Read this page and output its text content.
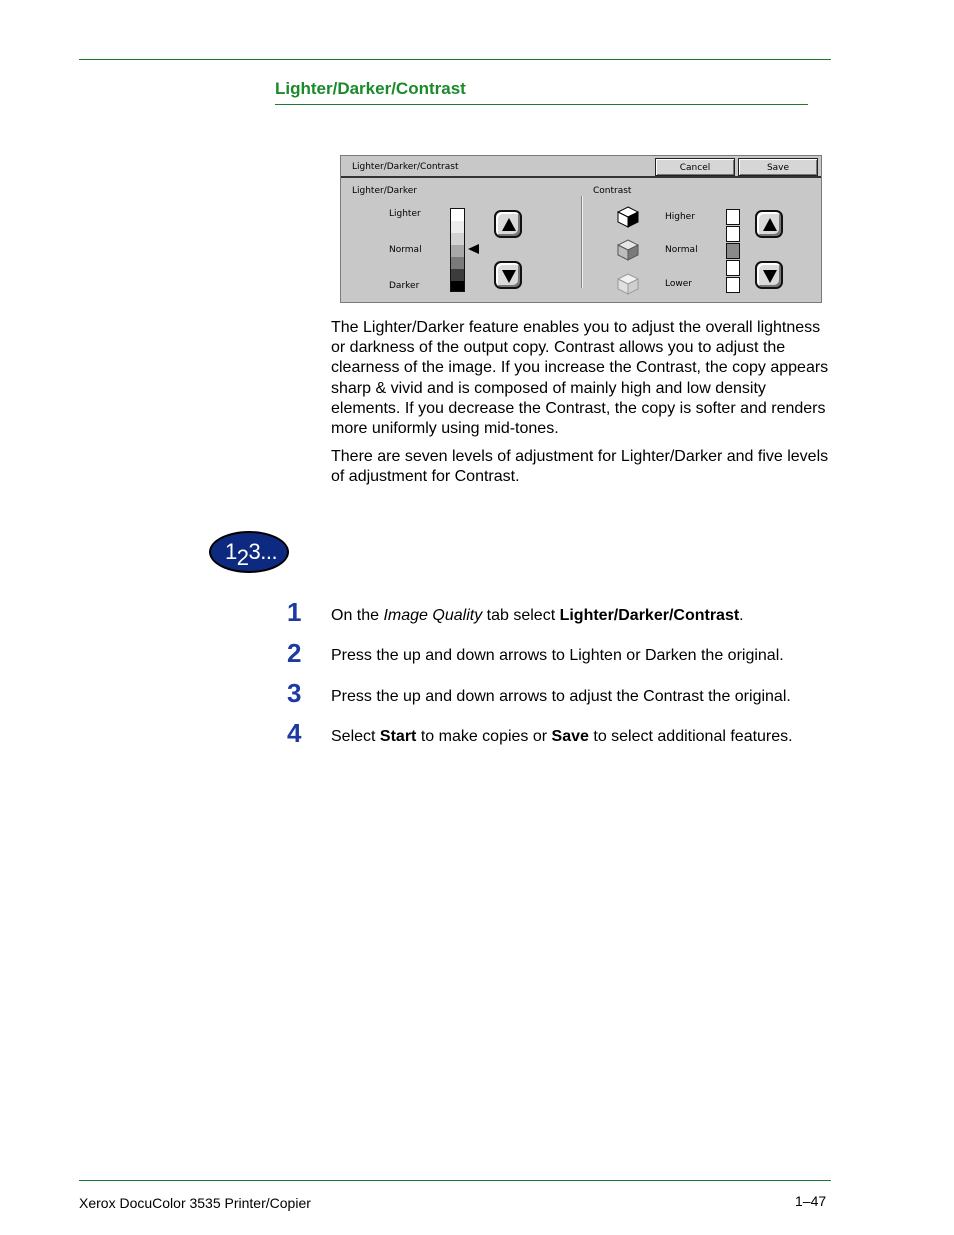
Lighter/Darker/Contrast
Lighter/Darker/Contrast	Cancel	Save
Lighter/Darker
Lighter
Normal
Darker
Contrast
Higher
Normal
Lower
The Lighter/Darker feature enables you to adjust the overall lightness or darkness of the output copy. Contrast allows you to adjust the clearness of the image. If you increase the Contrast, the copy appears sharp & vivid and is composed of mainly high and low density elements. If you decrease the Contrast, the copy is softer and renders more uniformly using mid-tones.
There are seven levels of adjustment for Lighter/Darker and five levels of adjustment for Contrast.
123...
1 On the Image Quality tab select Lighter/Darker/Contrast.
2 Press the up and down arrows to Lighten or Darken the original.
3 Press the up and down arrows to adjust the Contrast the original.
4 Select Start to make copies or Save to select additional features.
Xerox DocuColor 3535 Printer/Copier	1–47
